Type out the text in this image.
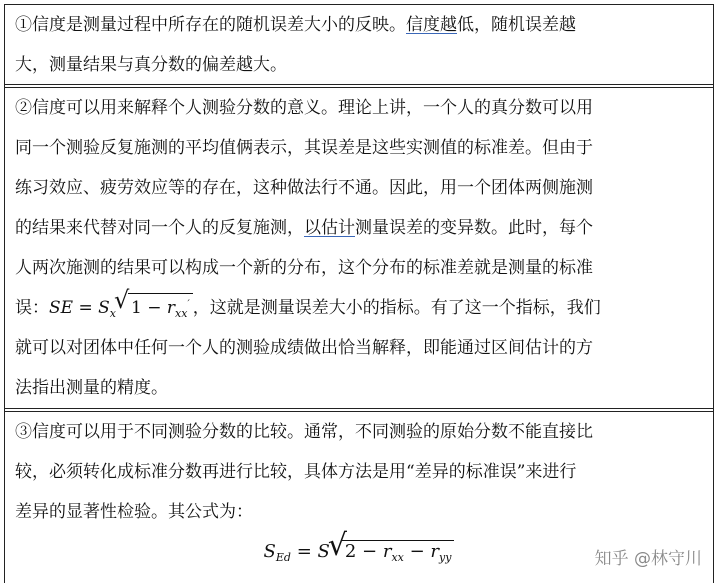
①信度是测量过程中所存在的随机误差大小的反映。信度越低，随机误差越
大，测量结果与真分数的偏差越大。
②信度可以用来解释个人测验分数的意义。理论上讲，一个人的真分数可以用
同一个测验反复施测的平均值俩表示，其误差是这些实测值的标准差。但由于
练习效应、疲劳效应等的存在，这种做法行不通。因此，用一个团体两侧施测
的结果来代替对同一个人的反复施测，以估计测量误差的变异数。此时，每个
人两次施测的结果可以构成一个新的分布，这个分布的标准差就是测量的标准
误：SE = $S_x$
√ $1 - r_{xx}'$ ，这就是测量误差大小的指标。有了这一个指标，我们
就可以对团体中任何一个人的测验成绩做出恰当解释，即能通过区间估计的方
法指出测量的精度。
③信度可以用于不同测验分数的比较。通常，不同测验的原始分数不能直接比
较，必须转化成标准分数再进行比较，具体方法是用“差异的标准误”来进行
差异的显著性检验。其公式为：
$S_{Ed} = S$
√
$2 - r_{xx} - r_{yy}$	知乎 @林守川
